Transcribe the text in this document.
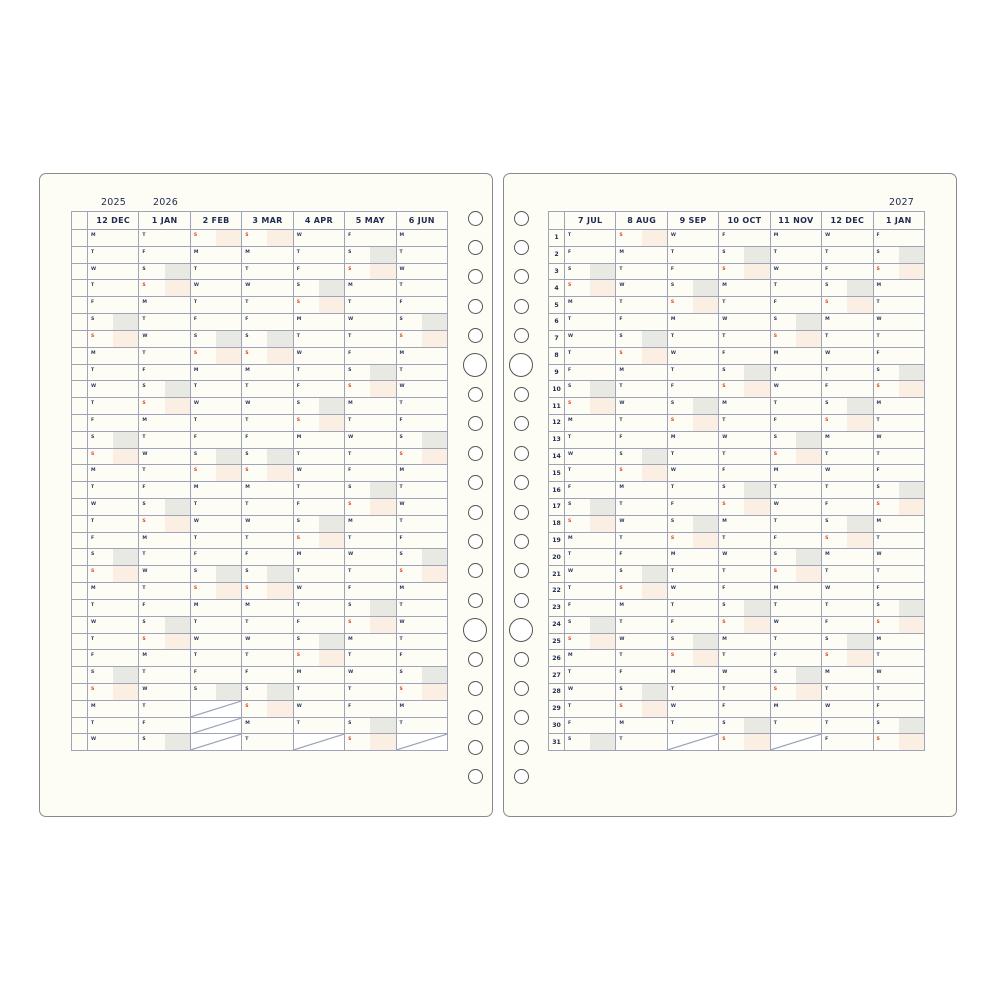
2025	2026	2027
	12 DEC	1 JAN	2 FEB	3 MAR	4 APR	5 MAY	6 JUN

	M	T	S	S	W	F	M

	T	F	M	M	T	S	T

	W	S	T	T	F	S	W

	T	S	W	W	S	M	T

	F	M	T	T	S	T	F

	S	T	F	F	M	W	S

	S	W	S	S	T	T	S

	M	T	S	S	W	F	M

	T	F	M	M	T	S	T

	W	S	T	T	F	S	W

	T	S	W	W	S	M	T

	F	M	T	T	S	T	F

	S	T	F	F	M	W	S

	S	W	S	S	T	T	S

	M	T	S	S	W	F	M

	T	F	M	M	T	S	T

	W	S	T	T	F	S	W

	T	S	W	W	S	M	T

	F	M	T	T	S	T	F

	S	T	F	F	M	W	S

	S	W	S	S	T	T	S

	M	T	S	S	W	F	M

	T	F	M	M	T	S	T

	W	S	T	T	F	S	W

	T	S	W	W	S	M	T

	F	M	T	T	S	T	F

	S	T	F	F	M	W	S

	S	W	S	S	T	T	S

	M	T		S	W	F	M

	T	F		M	T	S	T

	W	S		T		S

	7 JUL	8 AUG	9 SEP	10 OCT	11 NOV	12 DEC	1 JAN
1	T	S	W	F	M	W	F

2	F	M	T	S	T	T	S

3	S	T	F	S	W	F	S

4	S	W	S	M	T	S	M

5	M	T	S	T	F	S	T

6	T	F	M	W	S	M	W

7	W	S	T	T	S	T	T

8	T	S	W	F	M	W	F

9	F	M	T	S	T	T	S

10	S	T	F	S	W	F	S

11	S	W	S	M	T	S	M

12	M	T	S	T	F	S	T

13	T	F	M	W	S	M	W

14	W	S	T	T	S	T	T

15	T	S	W	F	M	W	F

16	F	M	T	S	T	T	S

17	S	T	F	S	W	F	S

18	S	W	S	M	T	S	M

19	M	T	S	T	F	S	T

20	T	F	M	W	S	M	W

21	W	S	T	T	S	T	T

22	T	S	W	F	M	W	F

23	F	M	T	S	T	T	S

24	S	T	F	S	W	F	S

25	S	W	S	M	T	S	M

26	M	T	S	T	F	S	T

27	T	F	M	W	S	M	W

28	W	S	T	T	S	T	T

29	T	S	W	F	M	W	F

30	F	M	T	S	T	T	S

31	S	T		S		F	S
